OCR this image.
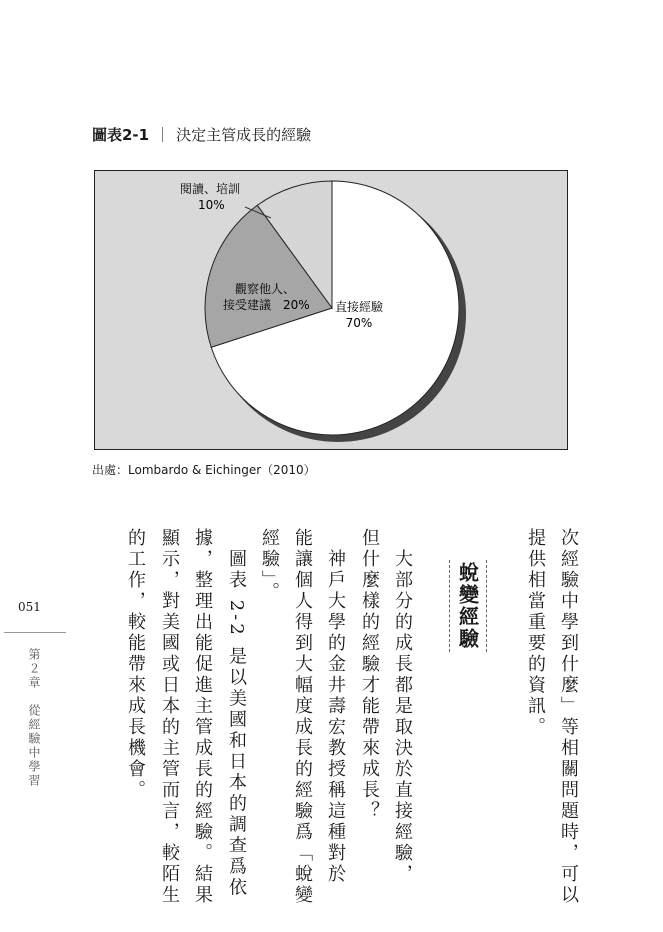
圖表2-1 ｜ 決定主管成長的經驗
直接經驗
70%
觀察他人、
接受建議　20%
閱讀、培訓
10%
出處：Lombardo & Eichinger（2010）
次經驗中學到什麼」等相關問題時，可以
提供相當重要的資訊。
蛻變經驗
　大部分的成長都是取決於直接經驗，
但什麼樣的經驗才能帶來成長？
　神戶大學的金井壽宏教授稱這種對於
能讓個人得到大幅度成長的經驗爲「蛻變
經驗」。
　圖表 2-2 是以美國和日本的調查爲依
據，整理出能促進主管成長的經驗。結果
顯示，對美國或日本的主管而言，較陌生
的工作，較能帶來成長機會。
051
第２章　從經驗中學習
